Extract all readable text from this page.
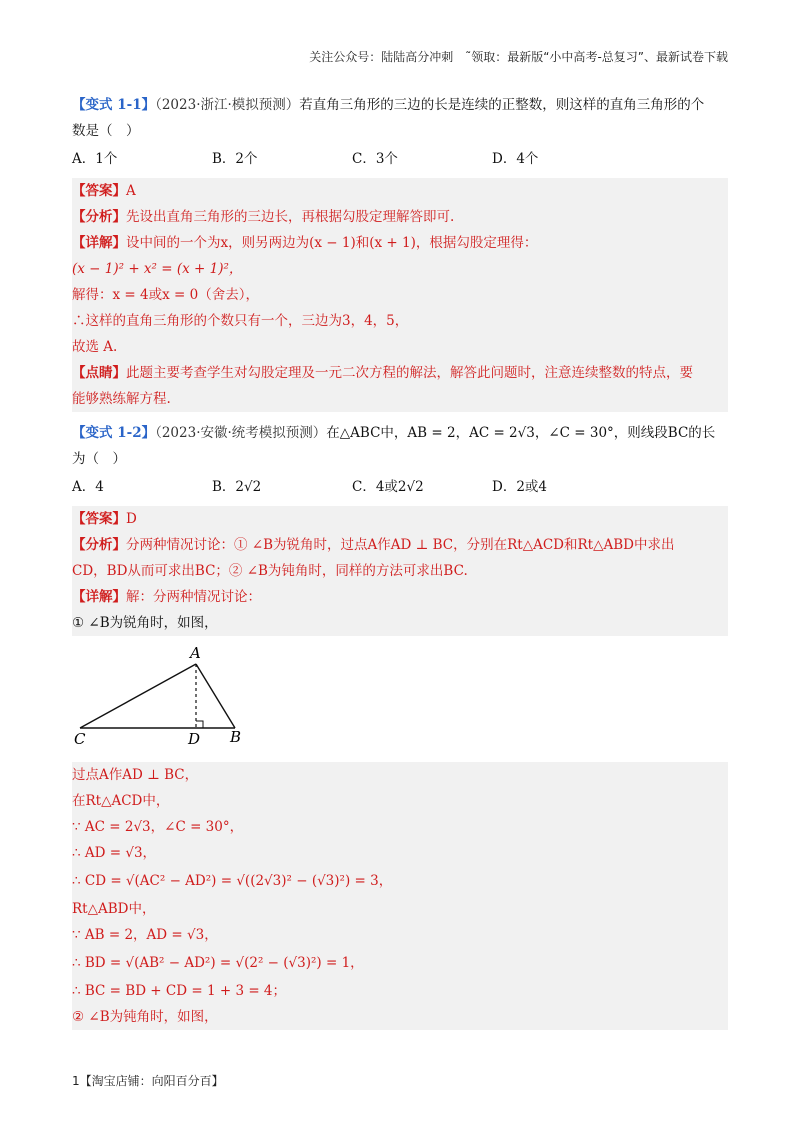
关注公众号：陆陆高分冲刺　˜领取：最新版“小中高考-总复习”、最新试卷下载
【变式 1-1】（2023·浙江·模拟预测）若直角三角形的三边的长是连续的正整数，则这样的直角三角形的个
数是（　）
A．1个	B．2个	C．3个	D．4个
【答案】A
【分析】先设出直角三角形的三边长，再根据勾股定理解答即可.
【详解】设中间的一个为x，则另两边为(x − 1)和(x + 1)，根据勾股定理得：
(x − 1)² + x² = (x + 1)²，
解得：x = 4或x = 0（舍去），
∴这样的直角三角形的个数只有一个，三边为3，4，5，
故选 A.
【点睛】此题主要考查学生对勾股定理及一元二次方程的解法，解答此问题时，注意连续整数的特点，要
能够熟练解方程.
【变式 1-2】（2023·安徽·统考模拟预测）在△ABC中，AB = 2，AC = 2√3，∠C = 30°，则线段BC的长
为（　）
A．4	B．2√2	C．4或2√2	D．2或4
【答案】D
【分析】分两种情况讨论：① ∠B为锐角时，过点A作AD ⊥ BC，分别在Rt△ACD和Rt△ABD中求出
CD，BD从而可求出BC；② ∠B为钝角时，同样的方法可求出BC.
【详解】解：分两种情况讨论：
① ∠B为锐角时，如图，
A
C	D B
过点A作AD ⊥ BC，
在Rt△ACD中，
∵ AC = 2√3，∠C = 30°，
∴ AD = √3，
∴ CD = √(AC² − AD²) = √((2√3)² − (√3)²) = 3，
Rt△ABD中，
∵ AB = 2，AD = √3，
∴ BD = √(AB² − AD²) = √(2² − (√3)²) = 1，
∴ BC = BD + CD = 1 + 3 = 4；
② ∠B为钝角时，如图，
1【淘宝店铺：向阳百分百】
